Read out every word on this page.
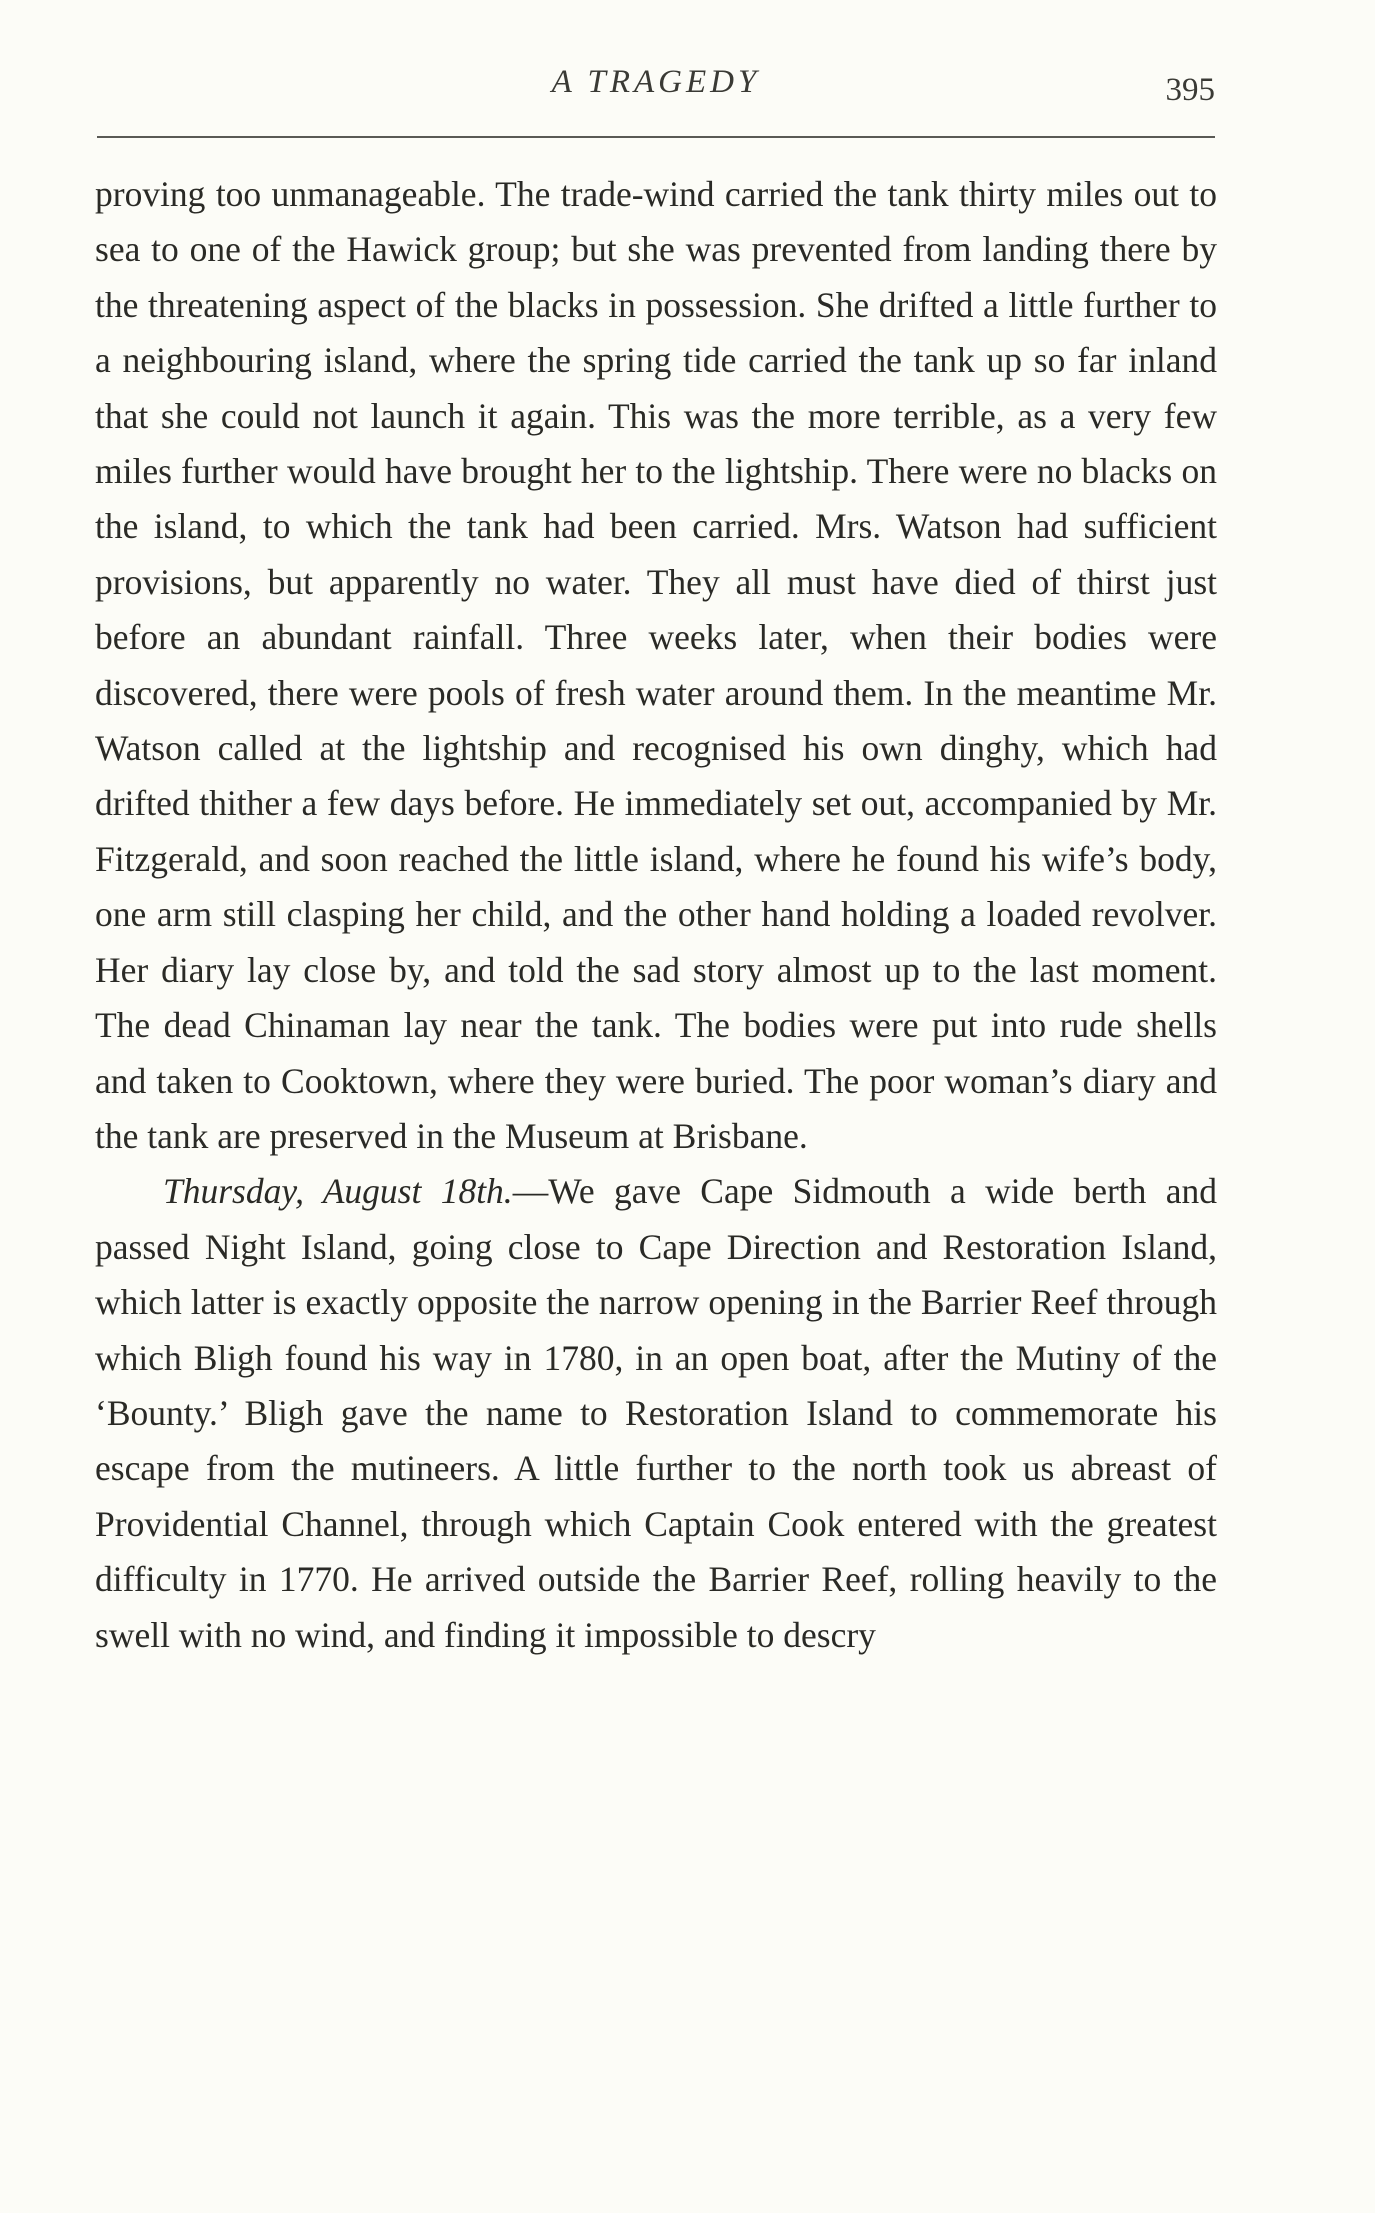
A TRAGEDY	395

proving too unmanageable. The trade-wind carried the tank thirty miles out to sea to one of the Hawick group; but she was prevented from landing there by the threatening aspect of the blacks in possession. She drifted a little further to a neighbouring island, where the spring tide carried the tank up so far inland that she could not launch it again. This was the more terrible, as a very few miles further would have brought her to the lightship. There were no blacks on the island, to which the tank had been carried. Mrs. Watson had sufficient provisions, but apparently no water. They all must have died of thirst just before an abundant rainfall. Three weeks later, when their bodies were discovered, there were pools of fresh water around them. In the meantime Mr. Watson called at the lightship and recognised his own dinghy, which had drifted thither a few days before. He immediately set out, accompanied by Mr. Fitzgerald, and soon reached the little island, where he found his wife’s body, one arm still clasping her child, and the other hand holding a loaded revolver. Her diary lay close by, and told the sad story almost up to the last moment. The dead Chinaman lay near the tank. The bodies were put into rude shells and taken to Cooktown, where they were buried. The poor woman’s diary and the tank are preserved in the Museum at Brisbane.

Thursday, August 18th.—We gave Cape Sidmouth a wide berth and passed Night Island, going close to Cape Direction and Restoration Island, which latter is exactly opposite the narrow opening in the Barrier Reef through which Bligh found his way in 1780, in an open boat, after the Mutiny of the ‘Bounty.’ Bligh gave the name to Restoration Island to commemorate his escape from the mutineers. A little further to the north took us abreast of Providential Channel, through which Captain Cook entered with the greatest difficulty in 1770. He arrived outside the Barrier Reef, rolling heavily to the swell with no wind, and finding it impossible to descry
